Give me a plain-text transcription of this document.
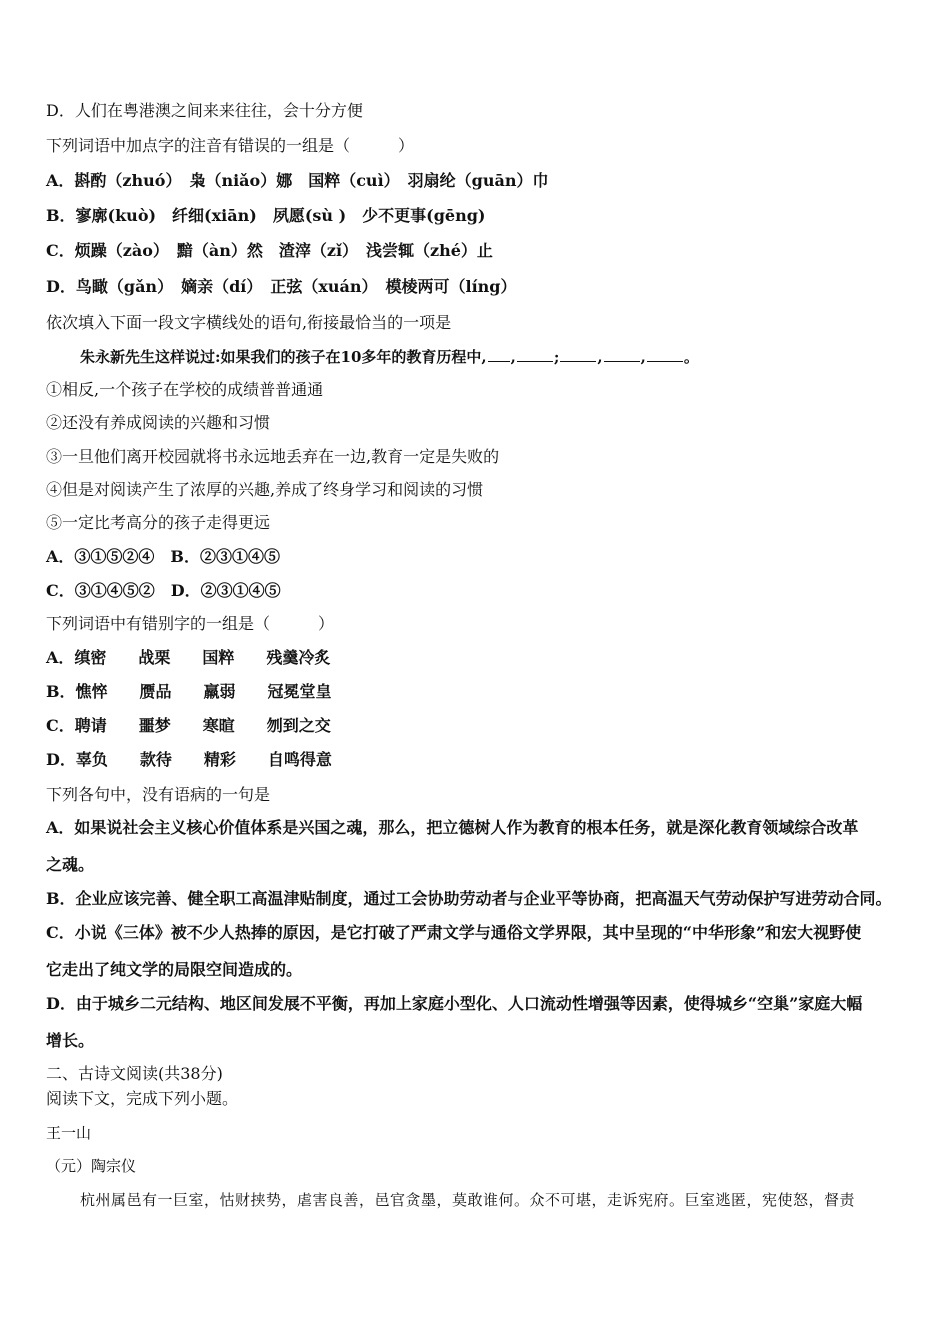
D．人们在粤港澳之间来来往往，会十分方便
下列词语中加点字的注音有错误的一组是（　　　）
A．斟酌（zhuó）　枭（niǎo）娜　国粹（cuì）　羽扇纶（guān）巾
B．寥廓(kuò)　纤细(xiān)　夙愿(sù )　少不更事(gēng)
C．烦躁（zào）　黯（àn）然　渣滓（zǐ）　浅尝辄（zhé）止
D．鸟瞰（gǎn）　嫡亲（dí）　正弦（xuán）　模棱两可（líng）
依次填入下面一段文字横线处的语句,衔接最恰当的一项是
朱永新先生这样说过:如果我们的孩子在10多年的教育历程中, ,	;	,	,	。
①相反,一个孩子在学校的成绩普普通通
②还没有养成阅读的兴趣和习惯
③一旦他们离开校园就将书永远地丢弃在一边,教育一定是失败的
④但是对阅读产生了浓厚的兴趣,养成了终身学习和阅读的习惯
⑤一定比考高分的孩子走得更远
A．③①⑤②④　B．②③①④⑤
C．③①④⑤②　D．②③①④⑤
下列词语中有错别字的一组是（　　　）
A．缜密　　战栗　　国粹　　残羹冷炙
B．憔悴　　赝品　　羸弱　　冠冕堂皇
C．聘请　　噩梦　　寒暄　　刎到之交
D．辜负　　款待　　精彩　　自鸣得意
下列各句中，没有语病的一句是
A．如果说社会主义核心价值体系是兴国之魂，那么，把立德树人作为教育的根本任务，就是深化教育领域综合改革
之魂。
B．企业应该完善、健全职工高温津贴制度，通过工会协助劳动者与企业平等协商，把高温天气劳动保护写进劳动合同。
C．小说《三体》被不少人热捧的原因，是它打破了严肃文学与通俗文学界限，其中呈现的“中华形象”和宏大视野使
它走出了纯文学的局限空间造成的。
D．由于城乡二元结构、地区间发展不平衡，再加上家庭小型化、人口流动性增强等因素，使得城乡“空巢”家庭大幅
增长。
二、古诗文阅读(共38分)
阅读下文，完成下列小题。
王一山
（元）陶宗仪
杭州属邑有一巨室，怙财挟势，虐害良善，邑官贪墨，莫敢谁何。众不可堪，走诉宪府。巨室逃匿，宪使怒，督责
